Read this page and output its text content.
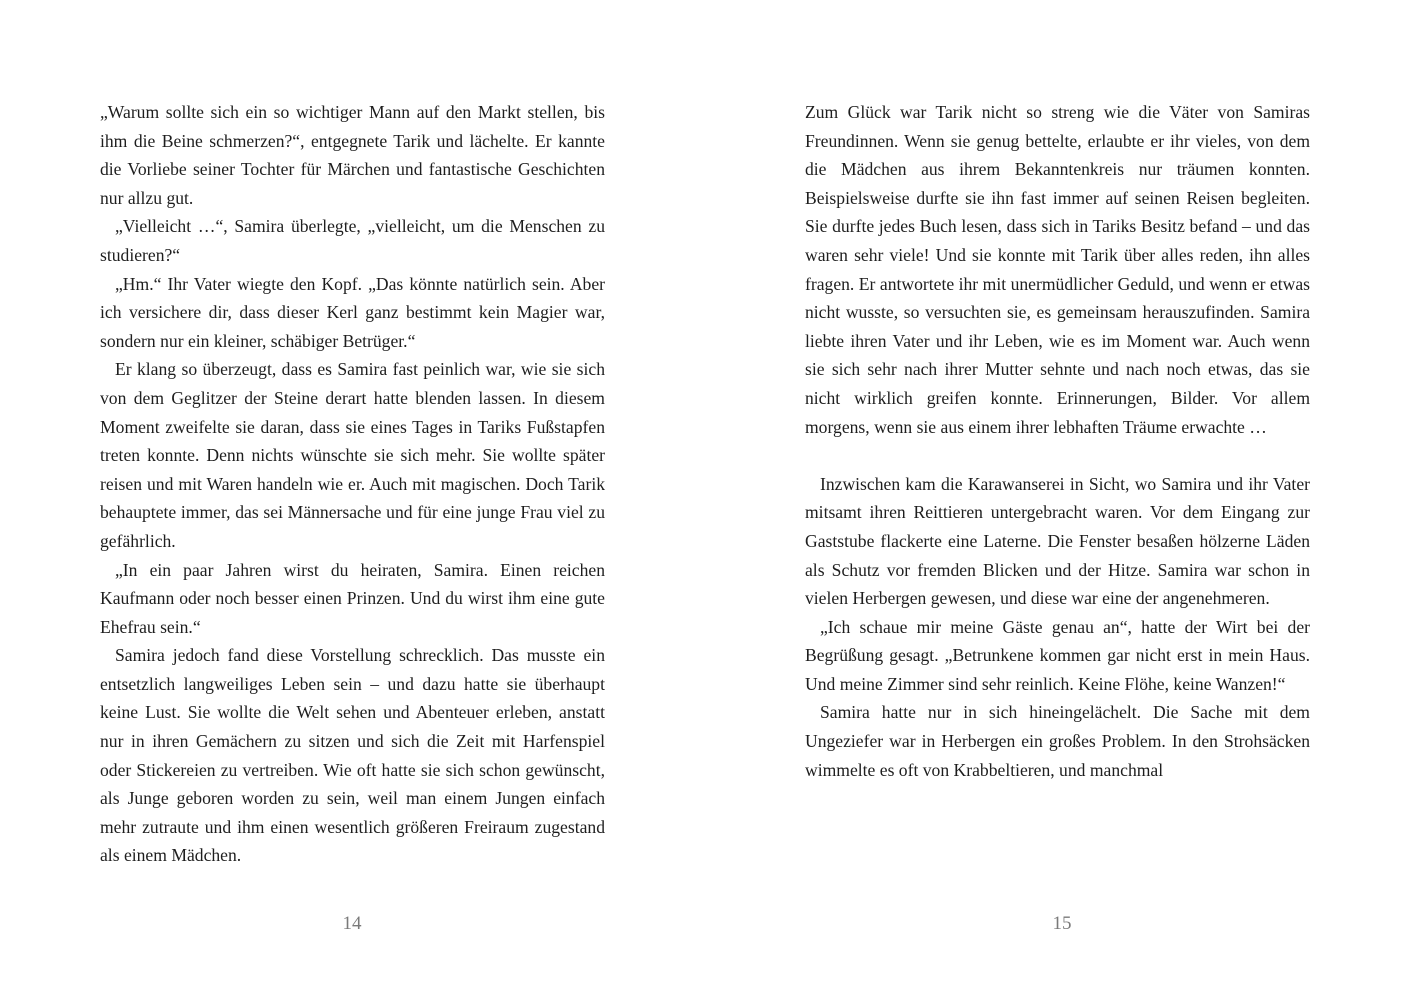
„Warum sollte sich ein so wichtiger Mann auf den Markt stellen, bis ihm die Beine schmerzen?“, entgegnete Tarik und lächelte. Er kannte die Vorliebe seiner Tochter für Märchen und fantastische Geschichten nur allzu gut.

„Vielleicht …“, Samira überlegte, „vielleicht, um die Menschen zu studieren?“

„Hm.“ Ihr Vater wiegte den Kopf. „Das könnte natürlich sein. Aber ich versichere dir, dass dieser Kerl ganz bestimmt kein Magier war, sondern nur ein kleiner, schäbiger Betrüger.“

Er klang so überzeugt, dass es Samira fast peinlich war, wie sie sich von dem Geglitzer der Steine derart hatte blenden lassen. In diesem Moment zweifelte sie daran, dass sie eines Tages in Tariks Fußstapfen treten konnte. Denn nichts wünschte sie sich mehr. Sie wollte später reisen und mit Waren handeln wie er. Auch mit magischen. Doch Tarik behauptete immer, das sei Männersache und für eine junge Frau viel zu gefährlich.

„In ein paar Jahren wirst du heiraten, Samira. Einen reichen Kaufmann oder noch besser einen Prinzen. Und du wirst ihm eine gute Ehefrau sein.“

Samira jedoch fand diese Vorstellung schrecklich. Das musste ein entsetzlich langweiliges Leben sein – und dazu hatte sie überhaupt keine Lust. Sie wollte die Welt sehen und Abenteuer erleben, anstatt nur in ihren Gemächern zu sitzen und sich die Zeit mit Harfenspiel oder Stickereien zu vertreiben. Wie oft hatte sie sich schon gewünscht, als Junge geboren worden zu sein, weil man einem Jungen einfach mehr zutraute und ihm einen wesentlich größeren Freiraum zugestand als einem Mädchen.

14

Zum Glück war Tarik nicht so streng wie die Väter von Samiras Freundinnen. Wenn sie genug bettelte, erlaubte er ihr vieles, von dem die Mädchen aus ihrem Bekanntenkreis nur träumen konnten. Beispielsweise durfte sie ihn fast immer auf seinen Reisen begleiten. Sie durfte jedes Buch lesen, dass sich in Tariks Besitz befand – und das waren sehr viele! Und sie konnte mit Tarik über alles reden, ihn alles fragen. Er antwortete ihr mit unermüdlicher Geduld, und wenn er etwas nicht wusste, so versuchten sie, es gemeinsam herauszufinden. Samira liebte ihren Vater und ihr Leben, wie es im Moment war. Auch wenn sie sich sehr nach ihrer Mutter sehnte und nach noch etwas, das sie nicht wirklich greifen konnte. Erinnerungen, Bilder. Vor allem morgens, wenn sie aus einem ihrer lebhaften Träume erwachte …

Inzwischen kam die Karawanserei in Sicht, wo Samira und ihr Vater mitsamt ihren Reittieren untergebracht waren. Vor dem Eingang zur Gaststube flackerte eine Laterne. Die Fenster besaßen hölzerne Läden als Schutz vor fremden Blicken und der Hitze. Samira war schon in vielen Herbergen gewesen, und diese war eine der angenehmeren.

„Ich schaue mir meine Gäste genau an“, hatte der Wirt bei der Begrüßung gesagt. „Betrunkene kommen gar nicht erst in mein Haus. Und meine Zimmer sind sehr reinlich. Keine Flöhe, keine Wanzen!“

Samira hatte nur in sich hineingelächelt. Die Sache mit dem Ungeziefer war in Herbergen ein großes Problem. In den Strohsäcken wimmelte es oft von Krabbeltieren, und manchmal

15
